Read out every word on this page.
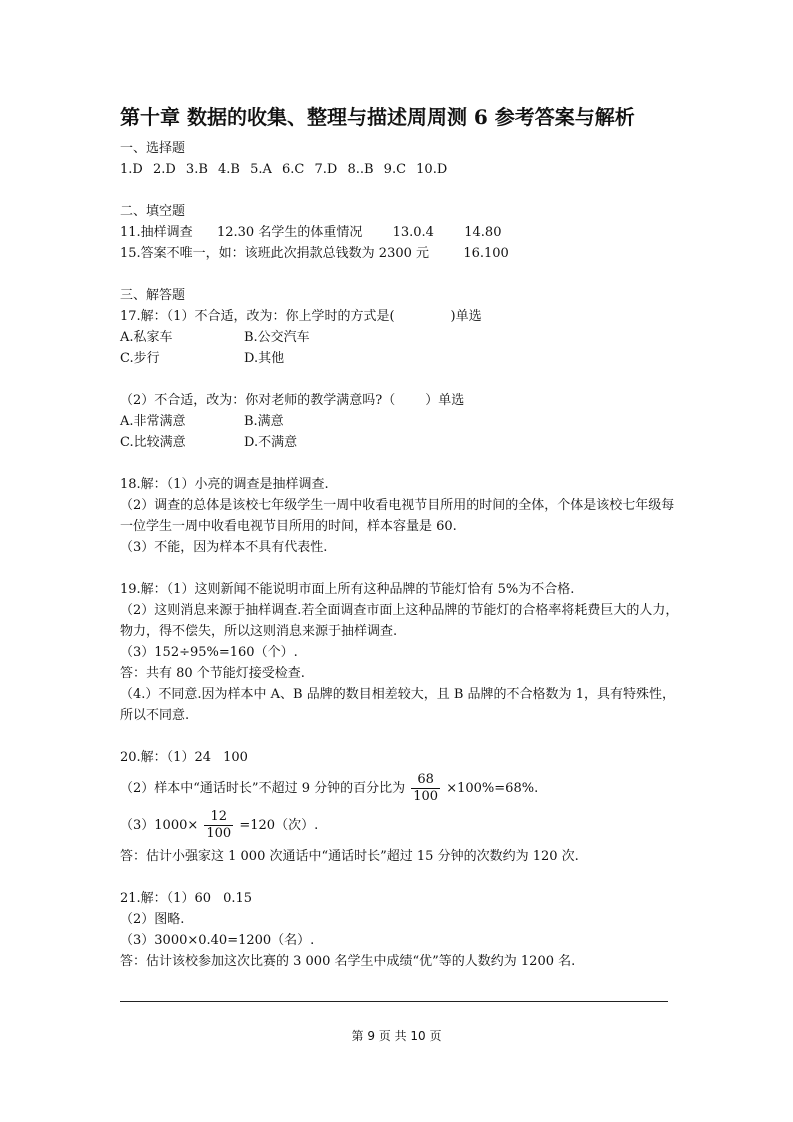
第十章 数据的收集、整理与描述周周测 6 参考答案与解析
一、选择题
1.D 2.D 3.B 4.B 5.A 6.C 7.D 8..B 9.C 10.D
二、填空题
11.抽样调查 12.30 名学生的体重情况 13.0.4 14.80
15.答案不唯一，如：该班此次捐款总钱数为 2300 元	16.100
三、解答题
17.解：（1）不合适，改为：你上学时的方式是(	)单选
A.私家车	B.公交汽车
C.步行	D.其他
（2）不合适，改为：你对老师的教学满意吗?（ ）单选
A.非常满意	B.满意
C.比较满意	D.不满意
18.解：（1）小亮的调查是抽样调查.
（2）调查的总体是该校七年级学生一周中收看电视节目所用的时间的全体，个体是该校七年级每一位学生一周中收看电视节目所用的时间，样本容量是 60.
（3）不能，因为样本不具有代表性.
19.解：（1）这则新闻不能说明市面上所有这种品牌的节能灯恰有 5%为不合格.
（2）这则消息来源于抽样调查.若全面调查市面上这种品牌的节能灯的合格率将耗费巨大的人力，物力，得不偿失，所以这则消息来源于抽样调查.
（3）152÷95%=160（个）.
答：共有 80 个节能灯接受检查.
（4.）不同意.因为样本中 A、B 品牌的数目相差较大，且 B 品牌的不合格数为 1，具有特殊性，所以不同意.
20.解：（1）24 100
（2）样本中“通话时长”不超过 9 分钟的百分比为 $\frac{68}{100} \times 100\%=68\%$.
$(3)1000\times \frac{12}{100} =120$（次）.
答：估计小强家这 1 000 次通话中“通话时长”超过 15 分钟的次数约为 120 次.
21.解：（1）60 0.15
（2）图略.
（3）3000×0.40=1200（名）.
答：估计该校参加这次比赛的 3 000 名学生中成绩“优”等的人数约为 1200 名.
第 9 页 共 10 页
